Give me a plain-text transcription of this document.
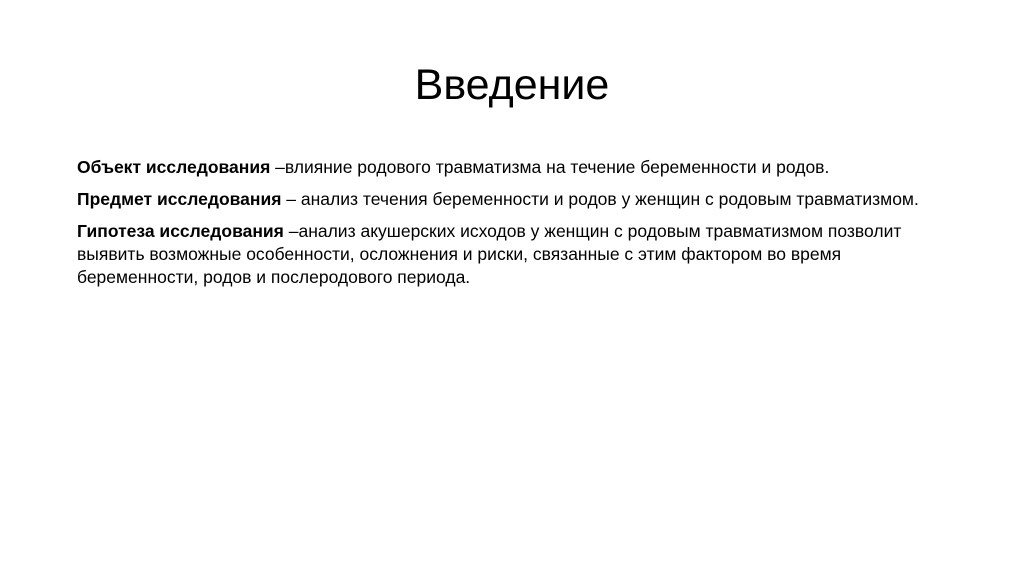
Введение

Объект исследования –влияние родового травматизма на течение беременности и родов.

Предмет исследования – анализ течения беременности и родов у женщин с родовым травматизмом.

Гипотеза исследования –анализ акушерских исходов у женщин с родовым травматизмом позволит выявить возможные особенности, осложнения и риски, связанные с этим фактором во время беременности, родов и послеродового периода.
